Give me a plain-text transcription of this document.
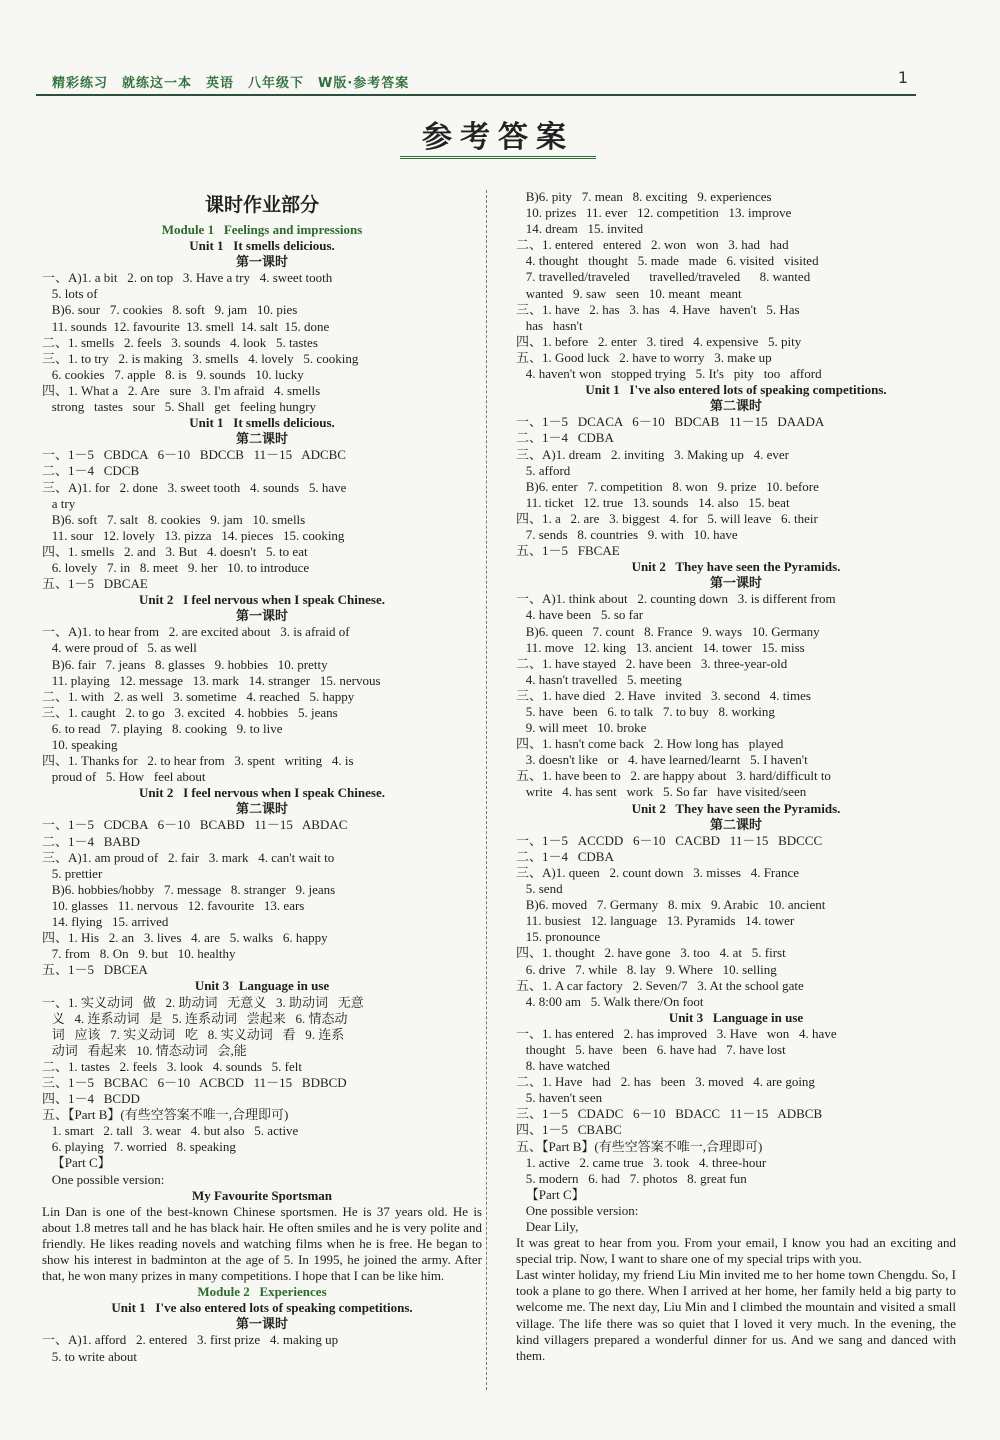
精彩练习　就练这一本　英语　八年级下　W版·参考答案	1
参考答案
课时作业部分
Module 1   Feelings and impressions
Unit 1   It smells delicious.
第一课时
一、A)1. a bit   2. on top   3. Have a try   4. sweet tooth
5. lots of
B)6. sour   7. cookies   8. soft   9. jam   10. pies
11. sounds  12. favourite  13. smell  14. salt  15. done
二、1. smells   2. feels   3. sounds   4. look   5. tastes
三、1. to try   2. is making   3. smells   4. lovely   5. cooking
6. cookies   7. apple   8. is   9. sounds   10. lucky
四、1. What a   2. Are   sure   3. I'm afraid   4. smells
strong   tastes   sour   5. Shall   get   feeling hungry
Unit 1   It smells delicious.
第二课时
一、1－5   CBDCA   6－10   BDCCB   11－15   ADCBC
二、1－4   CDCB
三、A)1. for   2. done   3. sweet tooth   4. sounds   5. have
a try
B)6. soft   7. salt   8. cookies   9. jam   10. smells
11. sour   12. lovely   13. pizza   14. pieces   15. cooking
四、1. smells   2. and   3. But   4. doesn't   5. to eat
6. lovely   7. in   8. meet   9. her   10. to introduce
五、1－5   DBCAE
Unit 2   I feel nervous when I speak Chinese.
第一课时
一、A)1. to hear from   2. are excited about   3. is afraid of
4. were proud of   5. as well
B)6. fair   7. jeans   8. glasses   9. hobbies   10. pretty
11. playing   12. message   13. mark   14. stranger   15. nervous
二、1. with   2. as well   3. sometime   4. reached   5. happy
三、1. caught   2. to go   3. excited   4. hobbies   5. jeans
6. to read   7. playing   8. cooking   9. to live
10. speaking
四、1. Thanks for   2. to hear from   3. spent   writing   4. is
proud of   5. How   feel about
Unit 2   I feel nervous when I speak Chinese.
第二课时
一、1－5   CDCBA   6－10   BCABD   11－15   ABDAC
二、1－4   BABD
三、A)1. am proud of   2. fair   3. mark   4. can't wait to
5. prettier
B)6. hobbies/hobby   7. message   8. stranger   9. jeans
10. glasses   11. nervous   12. favourite   13. ears
14. flying   15. arrived
四、1. His   2. an   3. lives   4. are   5. walks   6. happy
7. from   8. On   9. but   10. healthy
五、1－5   DBCEA
Unit 3   Language in use
一、1. 实义动词   做   2. 助动词   无意义   3. 助动词   无意
义   4. 连系动词   是   5. 连系动词   尝起来   6. 情态动
词   应该   7. 实义动词   吃   8. 实义动词   看   9. 连系
动词   看起来   10. 情态动词   会,能
二、1. tastes   2. feels   3. look   4. sounds   5. felt
三、1－5   BCBAC   6－10   ACBCD   11－15   BDBCD
四、1－4   BCDD
五、【Part B】(有些空答案不唯一,合理即可)
1. smart   2. tall   3. wear   4. but also   5. active
6. playing   7. worried   8. speaking
【Part C】
One possible version:
My Favourite Sportsman
Lin Dan is one of the best-known Chinese sportsmen. He is 37 years old. He is about 1.8 metres tall and he has black hair. He often smiles and he is very polite and friendly. He likes reading novels and watching films when he is free. He began to show his interest in badminton at the age of 5. In 1995, he joined the army. After that, he won many prizes in many competitions. I hope that I can be like him.
Module 2   Experiences
Unit 1   I've also entered lots of speaking competitions.
第一课时
一、A)1. afford   2. entered   3. first prize   4. making up
5. to write about
B)6. pity   7. mean   8. exciting   9. experiences
10. prizes   11. ever   12. competition   13. improve
14. dream   15. invited
二、1. entered   entered   2. won   won   3. had   had
4. thought   thought   5. made   made   6. visited   visited
7. travelled/traveled      travelled/traveled      8. wanted
wanted   9. saw   seen   10. meant   meant
三、1. have   2. has   3. has   4. Have   haven't   5. Has
has   hasn't
四、1. before   2. enter   3. tired   4. expensive   5. pity
五、1. Good luck   2. have to worry   3. make up
4. haven't won   stopped trying   5. It's   pity   too   afford
Unit 1   I've also entered lots of speaking competitions.
第二课时
一、1－5   DCACA   6－10   BDCAB   11－15   DAADA
二、1－4   CDBA
三、A)1. dream   2. inviting   3. Making up   4. ever
5. afford
B)6. enter   7. competition   8. won   9. prize   10. before
11. ticket   12. true   13. sounds   14. also   15. beat
四、1. a   2. are   3. biggest   4. for   5. will leave   6. their
7. sends   8. countries   9. with   10. have
五、1－5   FBCAE
Unit 2   They have seen the Pyramids.
第一课时
一、A)1. think about   2. counting down   3. is different from
4. have been   5. so far
B)6. queen   7. count   8. France   9. ways   10. Germany
11. move   12. king   13. ancient   14. tower   15. miss
二、1. have stayed   2. have been   3. three-year-old
4. hasn't travelled   5. meeting
三、1. have died   2. Have   invited   3. second   4. times
5. have   been   6. to talk   7. to buy   8. working
9. will meet   10. broke
四、1. hasn't come back   2. How long has   played
3. doesn't like   or   4. have learned/learnt   5. I haven't
五、1. have been to   2. are happy about   3. hard/difficult to
write   4. has sent   work   5. So far   have visited/seen
Unit 2   They have seen the Pyramids.
第二课时
一、1－5   ACCDD   6－10   CACBD   11－15   BDCCC
二、1－4   CDBA
三、A)1. queen   2. count down   3. misses   4. France
5. send
B)6. moved   7. Germany   8. mix   9. Arabic   10. ancient
11. busiest   12. language   13. Pyramids   14. tower
15. pronounce
四、1. thought   2. have gone   3. too   4. at   5. first
6. drive   7. while   8. lay   9. Where   10. selling
五、1. A car factory   2. Seven/7   3. At the school gate
4. 8:00 am   5. Walk there/On foot
Unit 3   Language in use
一、1. has entered   2. has improved   3. Have   won   4. have
thought   5. have   been   6. have had   7. have lost
8. have watched
二、1. Have   had   2. has   been   3. moved   4. are going
5. haven't seen
三、1－5   CDADC   6－10   BDACC   11－15   ADBCB
四、1－5   CBABC
五、【Part B】(有些空答案不唯一,合理即可)
1. active   2. came true   3. took   4. three-hour
5. modern   6. had   7. photos   8. great fun
【Part C】
One possible version:
Dear Lily,
It was great to hear from you. From your email, I know you had an exciting and special trip. Now, I want to share one of my special trips with you.
Last winter holiday, my friend Liu Min invited me to her home town Chengdu. So, I took a plane to go there. When I arrived at her home, her family held a big party to welcome me. The next day, Liu Min and I climbed the mountain and visited a small village. The life there was so quiet that I loved it very much. In the evening, the kind villagers prepared a wonderful dinner for us. And we sang and danced with them.
